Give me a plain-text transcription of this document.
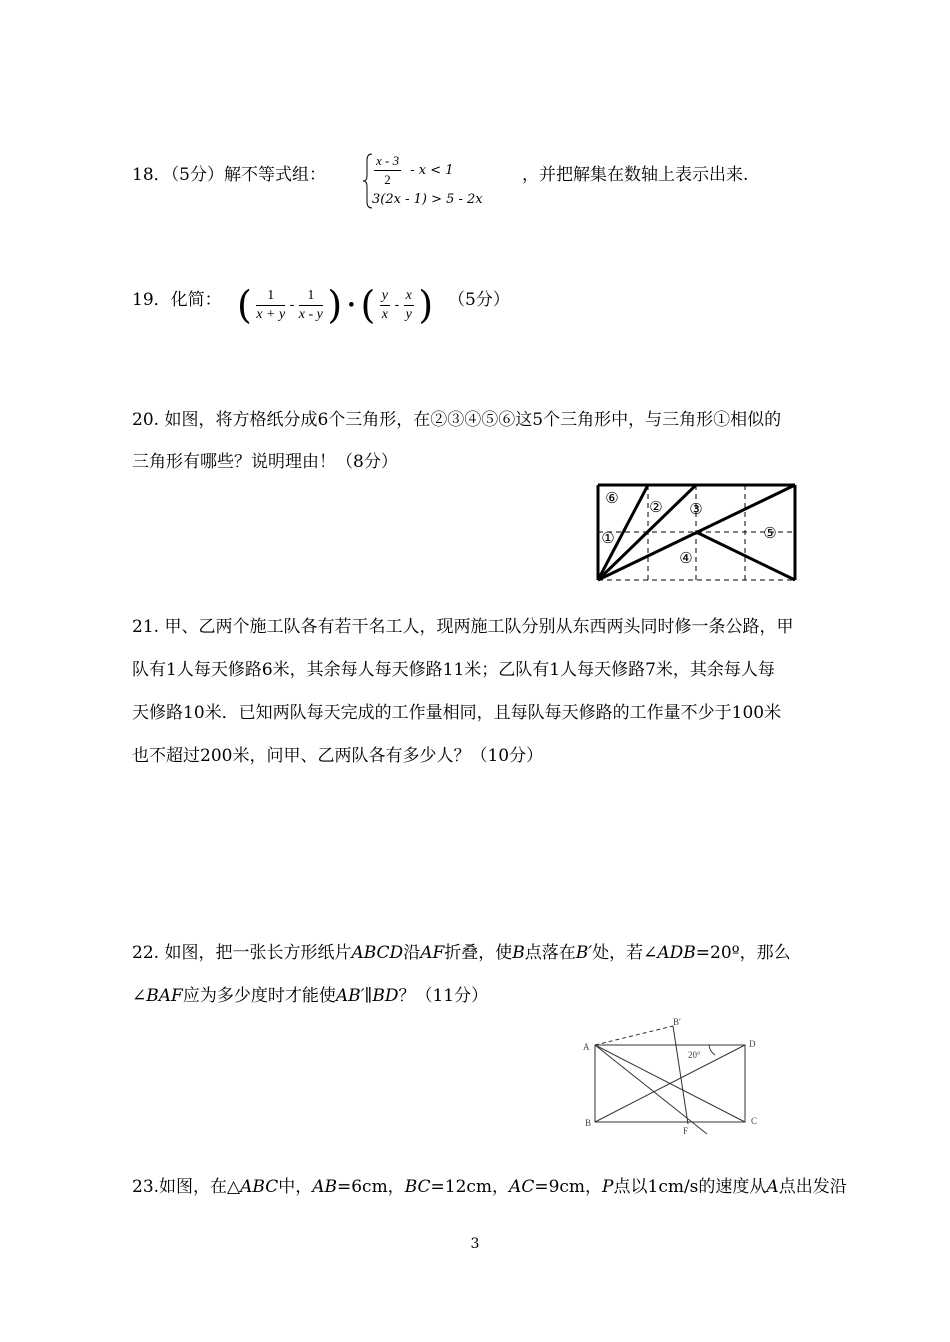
18．（5分）解不等式组：	$\frac{x - 3}{2} - x < 1$
3(2x - 1) > 5 - 2x
，并把解集在数轴上表示出来.
19．化简： ( $\frac{1}{x + y} - \frac{1}{x - y}$ ) • ( $\frac{y}{x} - \frac{x}{y}$ ) （5分）
20. 如图，将方格纸分成6个三角形，在②③④⑤⑥这5个三角形中，与三角形①相似的
三角形有哪些？说明理由！（8分）
⑥
② ③
①
④
⑤
21. 甲、乙两个施工队各有若干名工人，现两施工队分别从东西两头同时修一条公路，甲
队有1人每天修路6米，其余每人每天修路11米；乙队有1人每天修路7米，其余每人每
天修路10米．已知两队每天完成的工作量相同，且每队每天修路的工作量不少于100米
也不超过200米，问甲、乙两队各有多少人？（10分）
22. 如图，把一张长方形纸片ABCD沿AF折叠，使B点落在B′处，若∠ADB=20º，那么
∠BAF应为多少度时才能使AB′∥BD？（11分）
A
B′
D
B
F
C
20°
23.如图，在△ABC中，AB=6cm，BC=12cm，AC=9cm，P点以1cm/s的速度从A点出发沿
3
